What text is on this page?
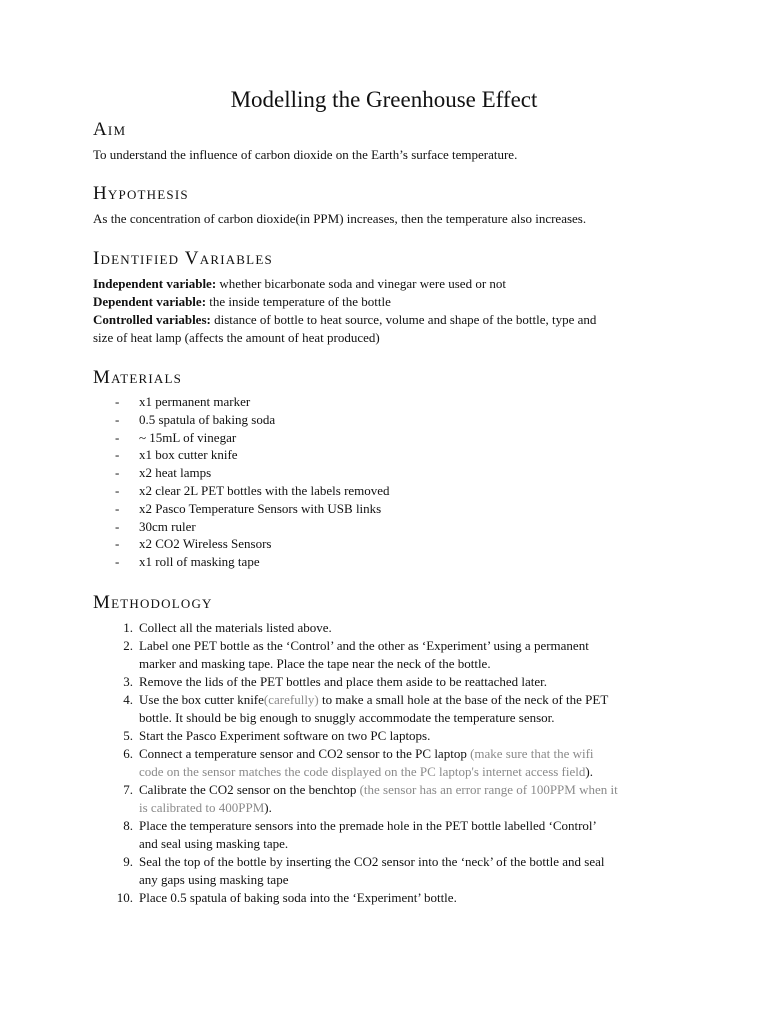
Modelling the Greenhouse Effect
Aim
To understand the influence of carbon dioxide on the Earth’s surface temperature.
Hypothesis
As the concentration of carbon dioxide(in PPM) increases, then the temperature also increases.
Identified Variables
Independent variable: whether bicarbonate soda and vinegar were used or not
Dependent variable: the inside temperature of the bottle
Controlled variables: distance of bottle to heat source, volume and shape of the bottle, type and
size of heat lamp (affects the amount of heat produced)
Materials
- x1 permanent marker
- 0.5 spatula of baking soda
- ~ 15mL of vinegar
- x1 box cutter knife
- x2 heat lamps
- x2 clear 2L PET bottles with the labels removed
- x2 Pasco Temperature Sensors with USB links
- 30cm ruler
- x2 CO2 Wireless Sensors
- x1 roll of masking tape
Methodology
1. Collect all the materials listed above.
2. Label one PET bottle as the ‘Control’ and the other as ‘Experiment’ using a permanent
marker and masking tape. Place the tape near the neck of the bottle.
3. Remove the lids of the PET bottles and place them aside to be reattached later.
4. Use the box cutter knife(carefully) to make a small hole at the base of the neck of the PET
bottle. It should be big enough to snuggly accommodate the temperature sensor.
5. Start the Pasco Experiment software on two PC laptops.
6. Connect a temperature sensor and CO2 sensor to the PC laptop (make sure that the wifi
code on the sensor matches the code displayed on the PC laptop's internet access field).
7. Calibrate the CO2 sensor on the benchtop (the sensor has an error range of 100PPM when it
is calibrated to 400PPM).
8. Place the temperature sensors into the premade hole in the PET bottle labelled ‘Control’
and seal using masking tape.
9. Seal the top of the bottle by inserting the CO2 sensor into the ‘neck’ of the bottle and seal
any gaps using masking tape
10. Place 0.5 spatula of baking soda into the ‘Experiment’ bottle.
